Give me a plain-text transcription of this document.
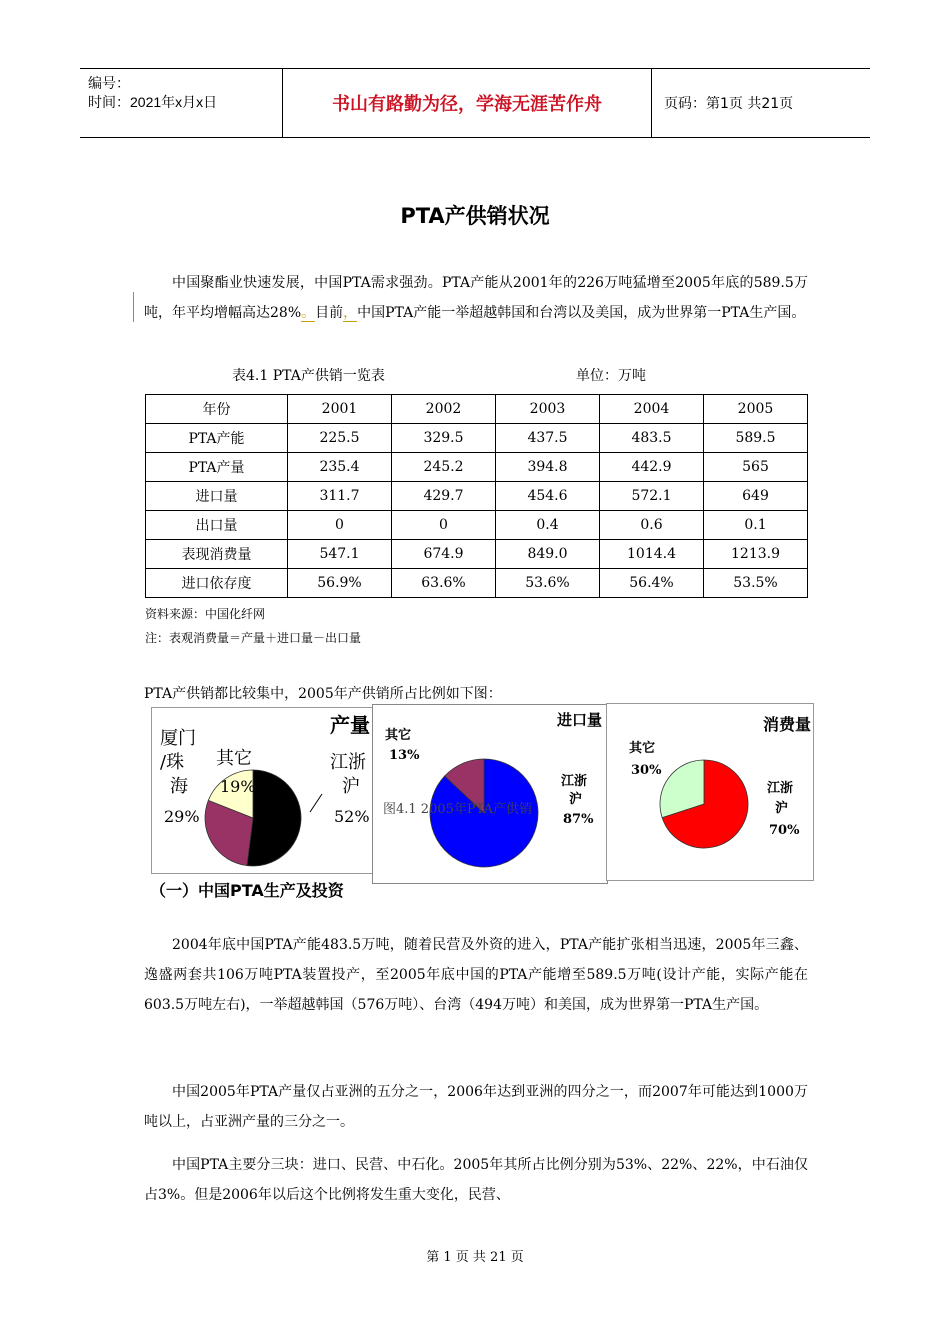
编号：
时间：2021年x月x日	书山有路勤为径，学海无涯苦作舟	页码：第1页 共21页
PTA产供销状况
中国聚酯业快速发展，中国PTA需求强劲。PTA产能从2001年的226万吨猛增至2005年底的589.5万吨，年平均增幅高达28%。目前，中国PTA产能一举超越韩国和台湾以及美国，成为世界第一PTA生产国。
表4.1 PTA产供销一览表	单位：万吨
年份	2001	2002	2003	2004	2005
PTA产能	225.5	329.5	437.5	483.5	589.5
PTA产量	235.4	245.2	394.8	442.9	565
进口量	311.7	429.7	454.6	572.1	649
出口量	0	0	0.4	0.6	0.1
表现消费量	547.1	674.9	849.0	1014.4	1213.9
进口依存度	56.9%	63.6%	53.6%	56.4%	53.5%
资料来源：中国化纤网
注：表观消费量＝产量＋进口量－出口量
PTA产供销都比较集中，2005年产供销所占比例如下图：
产量
厦门
/珠
海
29%
其它
19%
江浙
沪
52%
进口量
其它
13%
江浙
沪
87%
图4.1 2005年PTA产供销
消费量
其它
30%
江浙
沪
70%
（一）中国PTA生产及投资
2004年底中国PTA产能483.5万吨，随着民营及外资的进入，PTA产能扩张相当迅速，2005年三鑫、逸盛两套共106万吨PTA装置投产，至2005年底中国的PTA产能增至589.5万吨(设计产能，实际产能在603.5万吨左右)，一举超越韩国（576万吨）、台湾（494万吨）和美国，成为世界第一PTA生产国。
中国2005年PTA产量仅占亚洲的五分之一，2006年达到亚洲的四分之一，而2007年可能达到1000万吨以上，占亚洲产量的三分之一。
中国PTA主要分三块：进口、民营、中石化。2005年其所占比例分别为53%、22%、22%，中石油仅占3%。但是2006年以后这个比例将发生重大变化，民营、
第 1 页 共 21 页
